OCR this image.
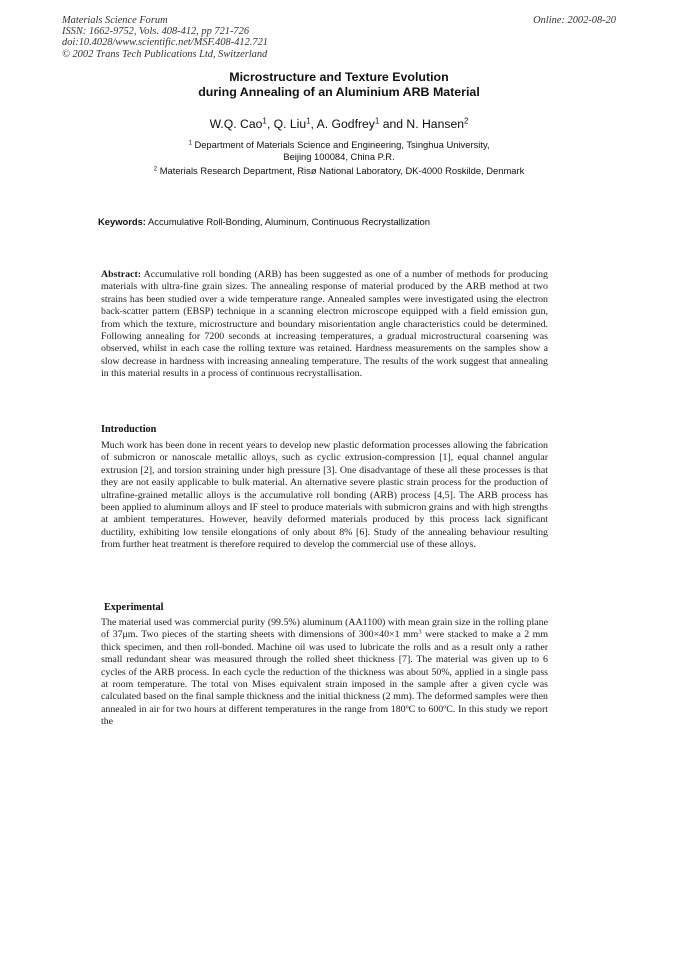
Materials Science Forum
ISSN: 1662-9752, Vols. 408-412, pp 721-726
doi:10.4028/www.scientific.net/MSF.408-412.721
© 2002 Trans Tech Publications Ltd, Switzerland
Online: 2002-08-20
Microstructure and Texture Evolution
during Annealing of an Aluminium ARB Material
W.Q. Cao$^1$, Q. Liu$^1$, A. Godfrey$^1$ and N. Hansen$^2$
$^1$ Department of Materials Science and Engineering, Tsinghua University,
Beijing 100084, China P.R.
$^2$ Materials Research Department, Risø National Laboratory, DK-4000 Roskilde, Denmark
Keywords: Accumulative Roll-Bonding, Aluminum, Continuous Recrystallization
Abstract: Accumulative roll bonding (ARB) has been suggested as one of a number of methods for producing materials with ultra-fine grain sizes. The annealing response of material produced by the ARB method at two strains has been studied over a wide temperature range. Annealed samples were investigated using the electron back-scatter pattern (EBSP) technique in a scanning electron microscope equipped with a field emission gun, from which the texture, microstructure and boundary misorientation angle characteristics could be determined. Following annealing for 7200 seconds at increasing temperatures, a gradual microstructural coarsening was observed, whilst in each case the rolling texture was retained. Hardness measurements on the samples show a slow decrease in hardness with increasing annealing temperature. The results of the work suggest that annealing in this material results in a process of continuous recrystallisation.
Introduction
Much work has been done in recent years to develop new plastic deformation processes allowing the fabrication of submicron or nanoscale metallic alloys, such as cyclic extrusion-compression [1], equal channel angular extrusion [2], and torsion straining under high pressure [3]. One disadvantage of these all these processes is that they are not easily applicable to bulk material. An alternative severe plastic strain process for the production of ultrafine-grained metallic alloys is the accumulative roll bonding (ARB) process [4,5]. The ARB process has been applied to aluminum alloys and IF steel to produce materials with submicron grains and with high strengths at ambient temperatures. However, heavily deformed materials produced by this process lack significant ductility, exhibiting low tensile elongations of only about 8% [6]. Study of the annealing behaviour resulting from further heat treatment is therefore required to develop the commercial use of these alloys.
Experimental
The material used was commercial purity (99.5%) aluminum (AA1100) with mean grain size in the rolling plane of 37μm. Two pieces of the starting sheets with dimensions of 300×40×1 $mm^3$ were stacked to make a 2 mm thick specimen, and then roll-bonded. Machine oil was used to lubricate the rolls and as a result only a rather small redundant shear was measured through the rolled sheet thickness [7]. The material was given up to 6 cycles of the ARB process. In each cycle the reduction of the thickness was about 50%, applied in a single pass at room temperature. The total von Mises equivalent strain imposed in the sample after a given cycle was calculated based on the final sample thickness and the initial thickness (2 mm). The deformed samples were then annealed in air for two hours at different temperatures in the range from 180ºC to 600ºC. In this study we report the
